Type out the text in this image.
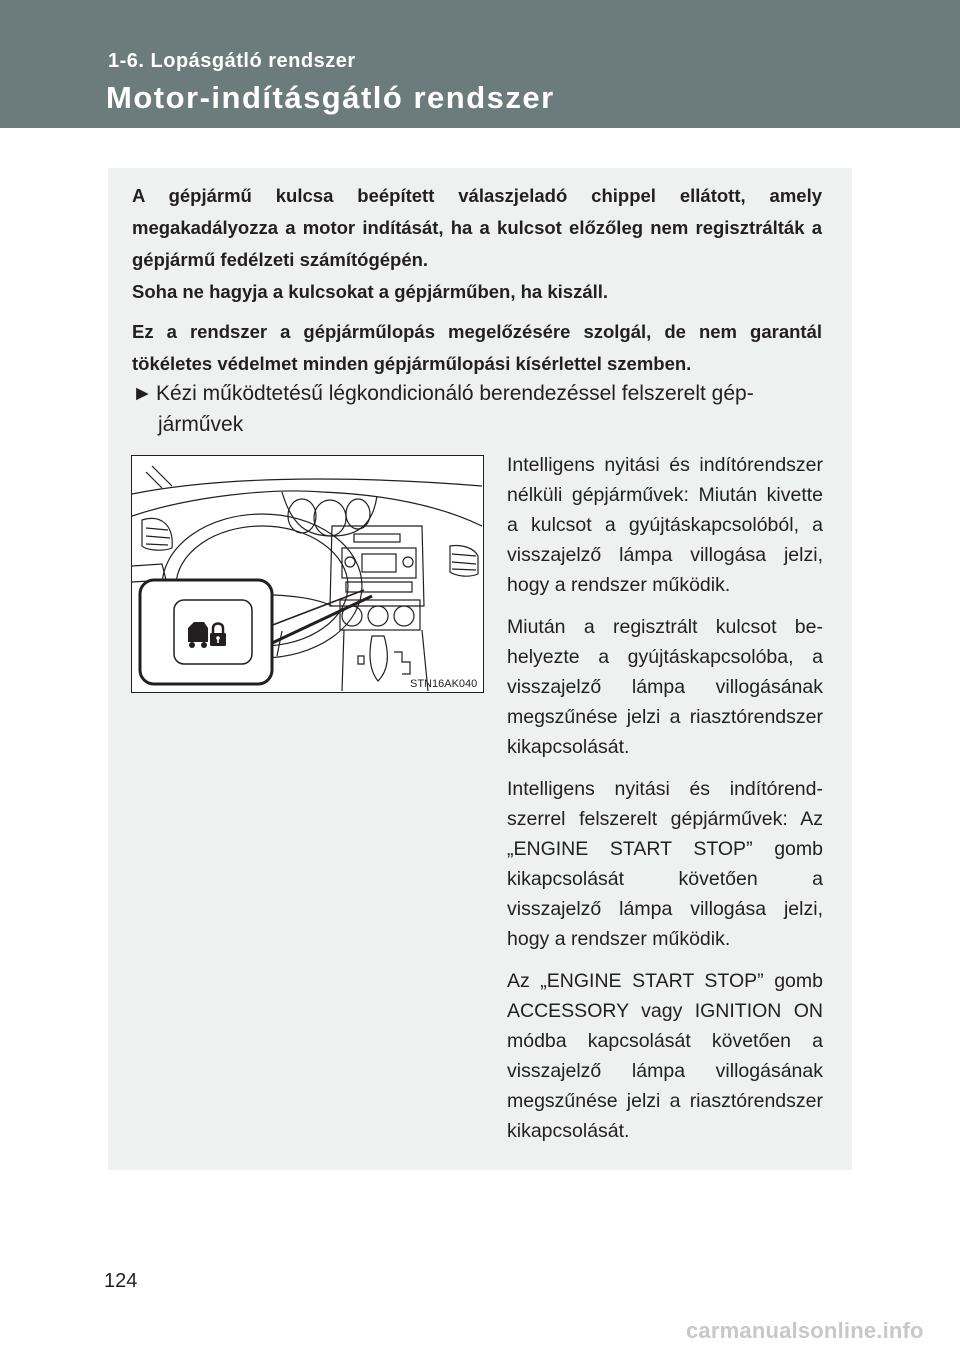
1-6. Lopásgátló rendszer
Motor-indításgátló rendszer

A gépjármű kulcsa beépített válaszjeladó chippel ellátott, amely megakadályozza a motor indítását, ha a kulcsot előzőleg nem regisztrálták a gépjármű fedélzeti számítógépén.

Soha ne hagyja a kulcsokat a gépjárműben, ha kiszáll.

Ez a rendszer a gépjárműlopás megelőzésére szolgál, de nem garantál tökéletes védelmet minden gépjárműlopási kísérlettel szemben.

► Kézi működtetésű légkondicionáló berendezéssel felszerelt gép-
járművek
STN16AK040

Intelligens nyitási és indítórendszer nélküli gépjárművek: Miután kivette a kulcsot a gyújtáskapcsolóból, a visszajelző lámpa villogása jelzi, hogy a rendszer működik.

Miután a regisztrált kulcsot behelyezte a gyújtáskapcsolóba, a visszajelző lámpa villogásának megszűnése jelzi a riasztórendszer kikapcsolását.

Intelligens nyitási és indítórendszerrel felszerelt gépjárművek: Az „ENGINE START STOP” gomb kikapcsolását követően a visszajelző lámpa villogása jelzi, hogy a rendszer működik.

Az „ENGINE START STOP” gomb ACCESSORY vagy IGNITION ON módba kapcsolását követően a visszajelző lámpa villogásának megszűnése jelzi a riasztórendszer kikapcsolását.

124
carmanualsonline.info
